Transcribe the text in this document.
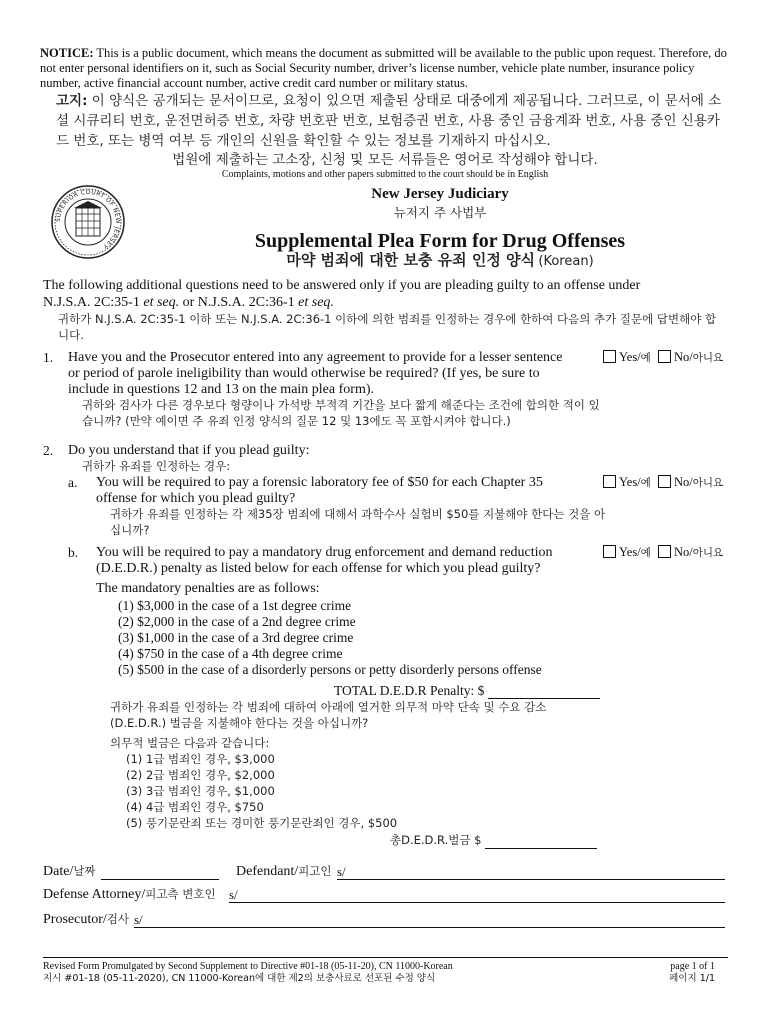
NOTICE: This is a public document, which means the document as submitted will be available to the public upon request. Therefore, do not enter personal identifiers on it, such as Social Security number, driver’s license number, vehicle plate number, insurance policy number, active financial account number, active credit card number or military status.
고지: 이 양식은 공개되는 문서이므로, 요청이 있으면 제출된 상태로 대중에게 제공됩니다. 그러므로, 이 문서에 소셜 시큐리티 번호, 운전면허증 번호, 차량 번호판 번호, 보험증권 번호, 사용 중인 금융계좌 번호, 사용 중인 신용카드 번호, 또는 병역 여부 등 개인의 신원을 확인할 수 있는 정보를 기재하지 마십시오.
법원에 제출하는 고소장, 신청 및 모든 서류들은 영어로 작성해야 합니다.
Complaints, motions and other papers submitted to the court should be in English
SUPERIOR COURT OF NEW JERSEY
New Jersey Judiciary
뉴저지 주 사법부
Supplemental Plea Form for Drug Offenses
마약 범죄에 대한 보충 유죄 인정 양식 (Korean)
The following additional questions need to be answered only if you are pleading guilty to an offense under
N.J.S.A. 2C:35-1 et seq. or N.J.S.A. 2C:36-1 et seq.
귀하가 N.J.S.A. 2C:35-1 이하 또는 N.J.S.A. 2C:36-1 이하에 의한 범죄를 인정하는 경우에 한하여 다음의 추가 질문에 답변해야 합니다.
1. Have you and the Prosecutor entered into any agreement to provide for a lesser sentence or period of parole ineligibility than would otherwise be required? (If yes, be sure to include in questions 12 and 13 on the main plea form).
귀하와 검사가 다른 경우보다 형량이나 가석방 부적격 기간을 보다 짧게 해준다는 조건에 합의한 적이 있습니까? (만약 예이면 주 유죄 인정 양식의 질문 12 및 13에도 꼭 포함시켜야 합니다.)
Yes/예 No/아니요
2. Do you understand that if you plead guilty:
귀하가 유죄를 인정하는 경우:
a. You will be required to pay a forensic laboratory fee of $50 for each Chapter 35 offense for which you plead guilty?
귀하가 유죄를 인정하는 각 제35장 범죄에 대해서 과학수사 실험비 $50를 지불해야 한다는 것을 아십니까?
Yes/예 No/아니요
b. You will be required to pay a mandatory drug enforcement and demand reduction (D.E.D.R.) penalty as listed below for each offense for which you plead guilty?
Yes/예 No/아니요
The mandatory penalties are as follows:
(1) $3,000 in the case of a 1st degree crime
(2) $2,000 in the case of a 2nd degree crime
(3) $1,000 in the case of a 3rd degree crime
(4) $750 in the case of a 4th degree crime
(5) $500 in the case of a disorderly persons or petty disorderly persons offense
TOTAL D.E.D.R Penalty: $
귀하가 유죄를 인정하는 각 범죄에 대하여 아래에 열거한 의무적 마약 단속 및 수요 감소(D.E.D.R.) 벌금을 지불해야 한다는 것을 아십니까?
의무적 벌금은 다음과 같습니다:
(1) 1급 범죄인 경우, $3,000
(2) 2급 범죄인 경우, $2,000
(3) 3급 범죄인 경우, $1,000
(4) 4급 범죄인 경우, $750
(5) 풍기문란죄 또는 경미한 풍기문란죄인 경우, $500
총D.E.D.R.벌금 $
Date/날짜	Defendant/피고인 s/
Defense Attorney/피고측 변호인 s/
Prosecutor/검사 s/
Revised Form Promulgated by Second Supplement to Directive #01-18 (05-11-20), CN 11000-Korean
지시 #01-18 (05-11-2020), CN 11000-Korean에 대한 제2의 보충사료로 선포된 수정 양식
page 1 of 1
페이지 1/1
